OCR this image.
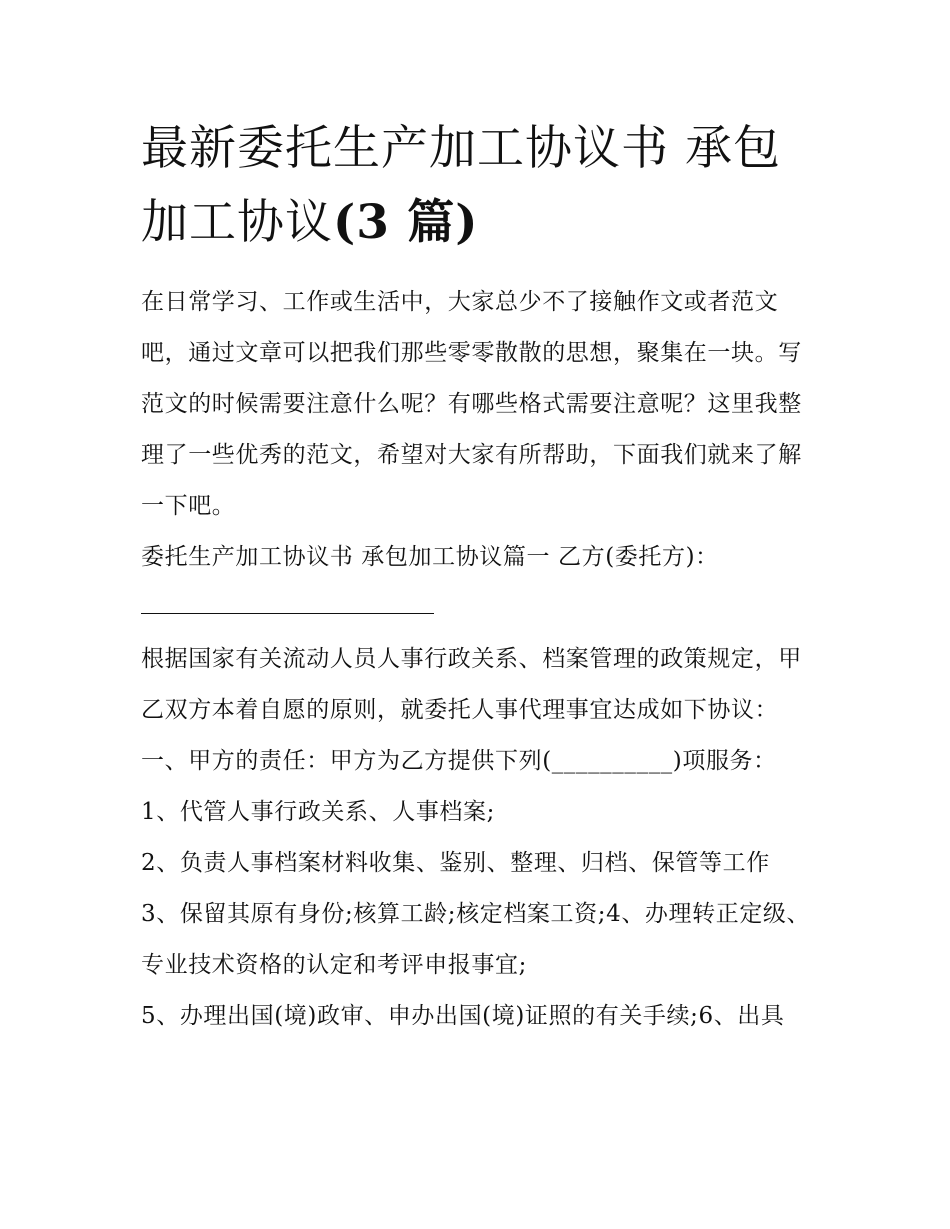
最新委托生产加工协议书 承包
加工协议(3 篇)

在日常学习、工作或生活中，大家总少不了接触作文或者范文吧，通过文章可以把我们那些零零散散的思想，聚集在一块。写范文的时候需要注意什么呢？有哪些格式需要注意呢？这里我整理了一些优秀的范文，希望对大家有所帮助，下面我们就来了解一下吧。

委托生产加工协议书 承包加工协议篇一 乙方(委托方)：

根据国家有关流动人员人事行政关系、档案管理的政策规定，甲乙双方本着自愿的原则，就委托人事代理事宜达成如下协议：

一、甲方的责任：甲方为乙方提供下列(__________)项服务：

1、代管人事行政关系、人事档案;

2、负责人事档案材料收集、鉴别、整理、归档、保管等工作

3、保留其原有身份;核算工龄;核定档案工资;4、办理转正定级、专业技术资格的认定和考评申报事宜;

5、办理出国(境)政审、申办出国(境)证照的有关手续;6、出具
